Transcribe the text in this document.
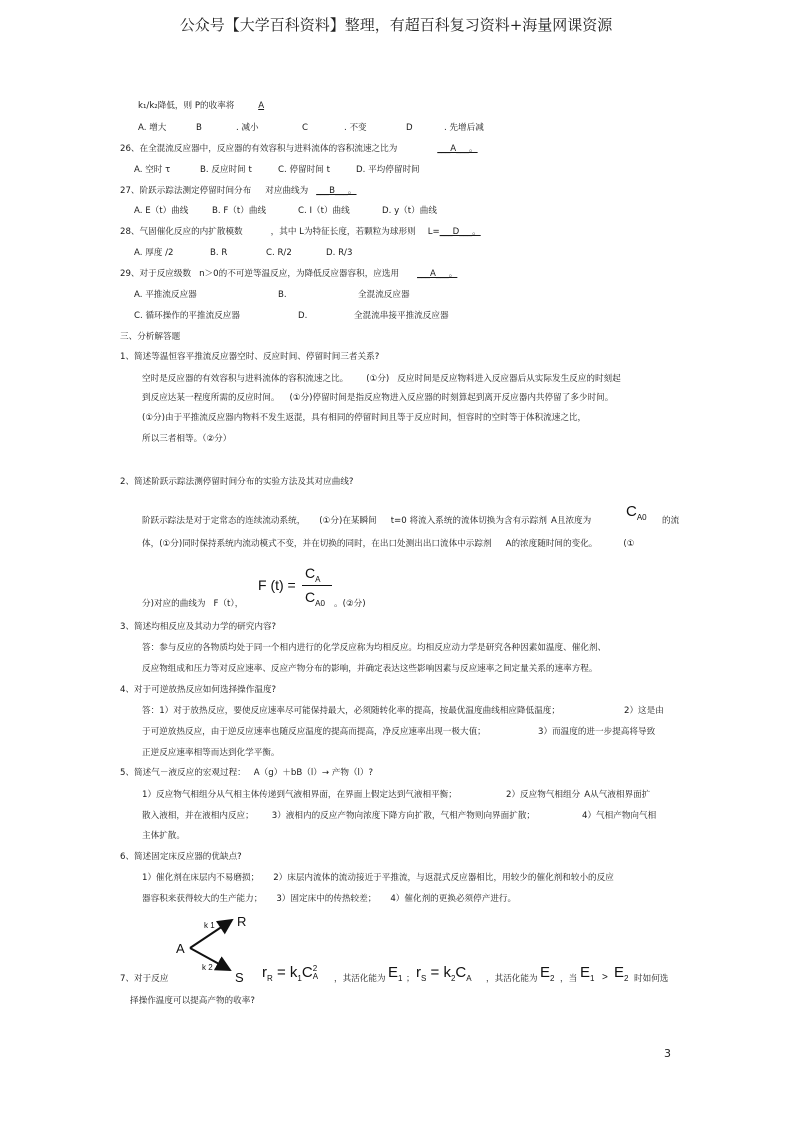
公众号【大学百科资料】整理，有超百科复习资料+海量网课资源
k₁/k₂降低，则 P的收率将	A
A. 增大	B	. 减小	C	. 不变	D	. 先增后减
26、在全混流反应器中，反应器的有效容积与进料流体的容积流速之比为	___A___。
A. 空时 τ	B. 反应时间 t	C. 停留时间 t	D. 平均停留时间
27、阶跃示踪法测定停留时间分布 对应曲线为 ___B___。
A. E（t）曲线	B. F（t）曲线	C. I（t）曲线	D. y（t）曲线
28、气固催化反应的内扩散模数	，其中 L为特征长度，若颗粒为球形则 L=___D___。
A. 厚度 /2	B. R	C. R/2	D. R/3
29、对于反应级数 n＞0的不可逆等温反应，为降低反应器容积，应选用 ___A___。
A. 平推流反应器	B.	全混流反应器
C. 循环操作的平推流反应器	D.	全混流串接平推流反应器
三、分析解答题
1、简述等温恒容平推流反应器空时、反应时间、停留时间三者关系?
空时是反应器的有效容积与进料流体的容积流速之比。 (①分) 反应时间是反应物料进入反应器后从实际发生反应的时刻起
到反应达某一程度所需的反应时间。 (①分)停留时间是指反应物进入反应器的时刻算起到离开反应器内共停留了多少时间。
(①分)由于平推流反应器内物料不发生返混，具有相同的停留时间且等于反应时间，恒容时的空时等于体积流速之比，
所以三者相等。（②分）
2、简述阶跃示踪法测停留时间分布的实验方法及其对应曲线?
阶跃示踪法是对于定常态的连续流动系统， (①分)在某瞬间 t=0 将流入系统的流体切换为含有示踪剂 A且浓度为
$C_{A0}$ 的流
体，(①分)同时保持系统内流动模式不变，并在切换的同时，在出口处测出出口流体中示踪剂 A的浓度随时间的变化。	(①
F (t) =
$C_A$
$C_{A0}$
分)对应的曲线为 F（t），	。(②分)
3、简述均相反应及其动力学的研究内容?
答：参与反应的各物质均处于同一个相内进行的化学反应称为均相反应。均相反应动力学是研究各种因素如温度、催化剂、
反应物组成和压力等对反应速率、反应产物分布的影响，并确定表达这些影响因素与反应速率之间定量关系的速率方程。
4、对于可逆放热反应如何选择操作温度?
答：1）对于放热反应，要使反应速率尽可能保持最大，必须随转化率的提高，按最优温度曲线相应降低温度；	2）这是由
于可逆放热反应，由于逆反应速率也随反应温度的提高而提高，净反应速率出现一极大值；	3）而温度的进一步提高将导致
正逆反应速率相等而达到化学平衡。
5、简述气－液反应的宏观过程： A（g）＋bB（l）→ 产物（l）?
1）反应物气相组分从气相主体传递到气液相界面，在界面上假定达到气液相平衡；	2）反应物气相组分 A从气液相界面扩
散入液相，并在液相内反应； 3）液相内的反应产物向浓度下降方向扩散，气相产物则向界面扩散；	4）气相产物向气相
主体扩散。
6、简述固定床反应器的优缺点?
1）催化剂在床层内不易磨损； 2）床层内流体的流动接近于平推流，与返混式反应器相比，用较少的催化剂和较小的反应
器容积来获得较大的生产能力； 3）固定床中的传热较差； 4）催化剂的更换必须停产进行。
A
R
S
k 1
k 2
7、对于反应	$r_R = k_1C$ 2
A ，其活化能为 $E_1$ ； $r_S = k_2C_A$ ，其活化能为 $E_2$ ，当 $E_1 > E_2$ 时如何选
择操作温度可以提高产物的收率?
3
